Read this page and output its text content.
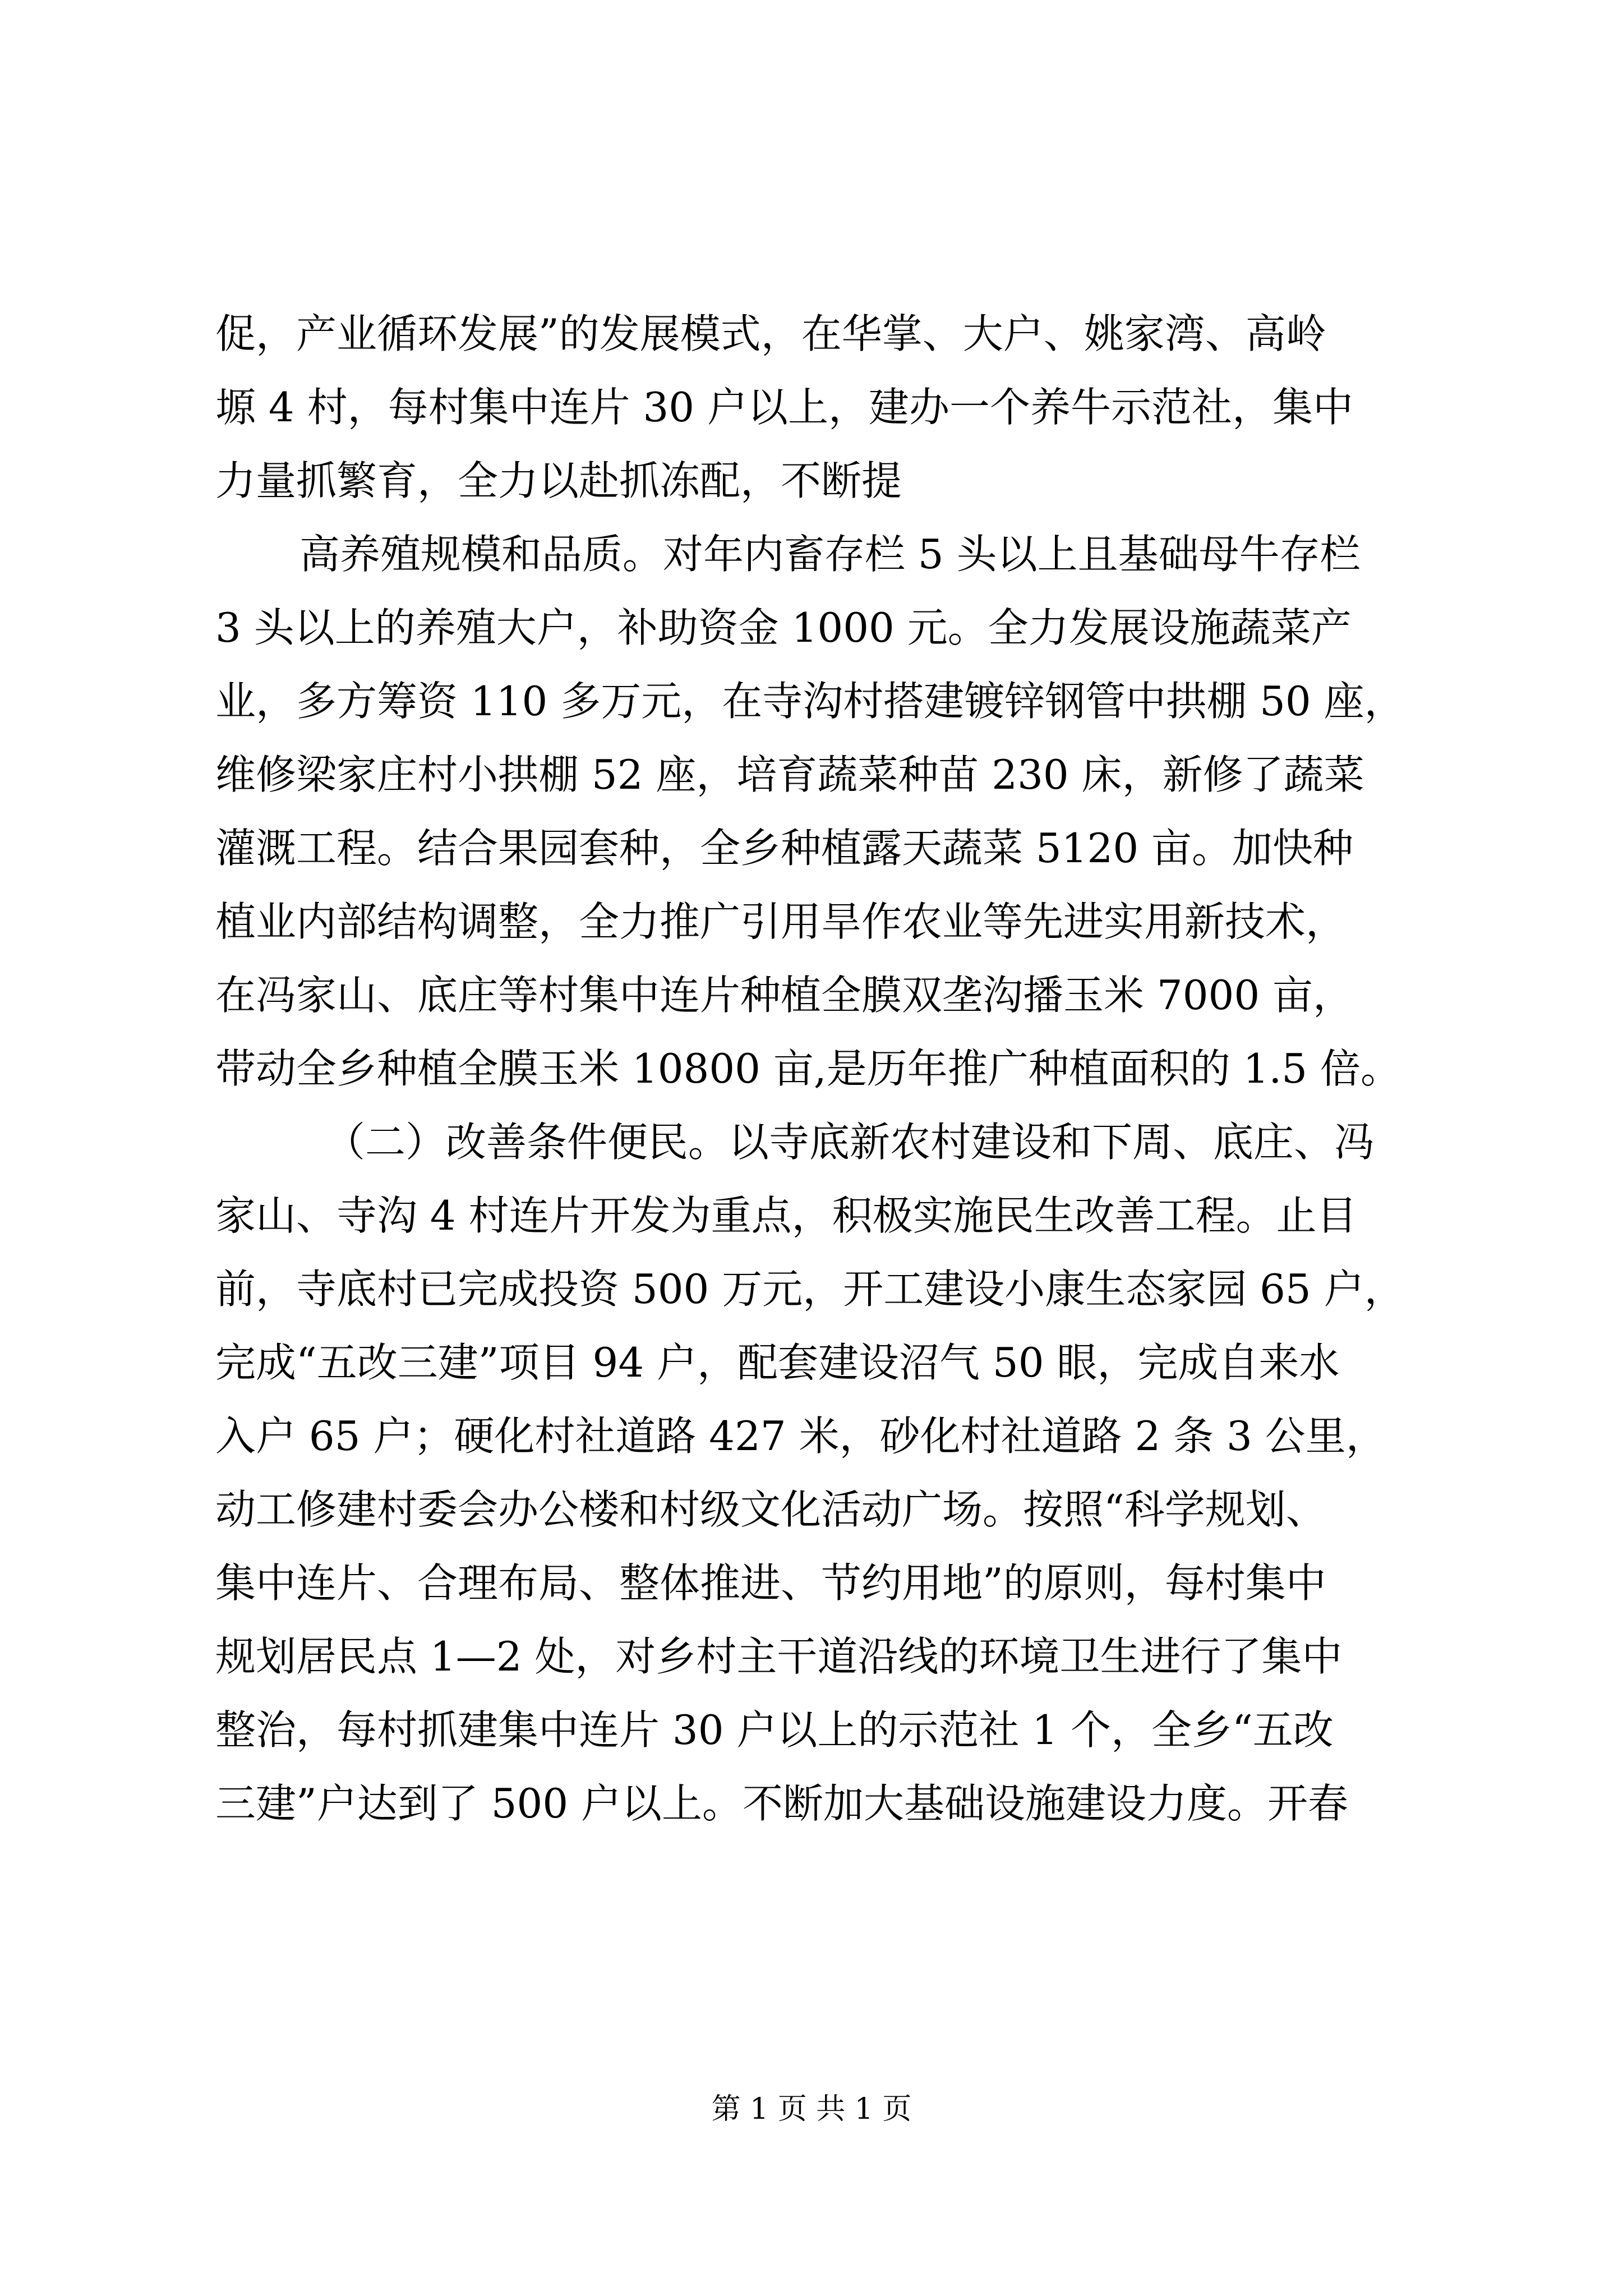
促，产业循环发展”的发展模式，在华掌、大户、姚家湾、高岭
塬 4 村，每村集中连片 30 户以上，建办一个养牛示范社，集中
力量抓繁育，全力以赴抓冻配，不断提
高养殖规模和品质。对年内畜存栏 5 头以上且基础母牛存栏
3 头以上的养殖大户，补助资金 1000 元。全力发展设施蔬菜产
业，多方筹资 110 多万元，在寺沟村搭建镀锌钢管中拱棚 50 座，
维修梁家庄村小拱棚 52 座，培育蔬菜种苗 230 床，新修了蔬菜
灌溉工程。结合果园套种，全乡种植露天蔬菜 5120 亩。加快种
植业内部结构调整，全力推广引用旱作农业等先进实用新技术，
在冯家山、底庄等村集中连片种植全膜双垄沟播玉米 7000 亩，
带动全乡种植全膜玉米 10800 亩,是历年推广种植面积的 1.5 倍。
（二）改善条件便民。以寺底新农村建设和下周、底庄、冯
家山、寺沟 4 村连片开发为重点，积极实施民生改善工程。止目
前，寺底村已完成投资 500 万元，开工建设小康生态家园 65 户，
完成“五改三建”项目 94 户，配套建设沼气 50 眼，完成自来水
入户 65 户；硬化村社道路 427 米，砂化村社道路 2 条 3 公里，
动工修建村委会办公楼和村级文化活动广场。按照“科学规划、
集中连片、合理布局、整体推进、节约用地”的原则，每村集中
规划居民点 1—2 处，对乡村主干道沿线的环境卫生进行了集中
整治，每村抓建集中连片 30 户以上的示范社 1 个，全乡“五改
三建”户达到了 500 户以上。不断加大基础设施建设力度。开春
第 1 页 共 1 页
